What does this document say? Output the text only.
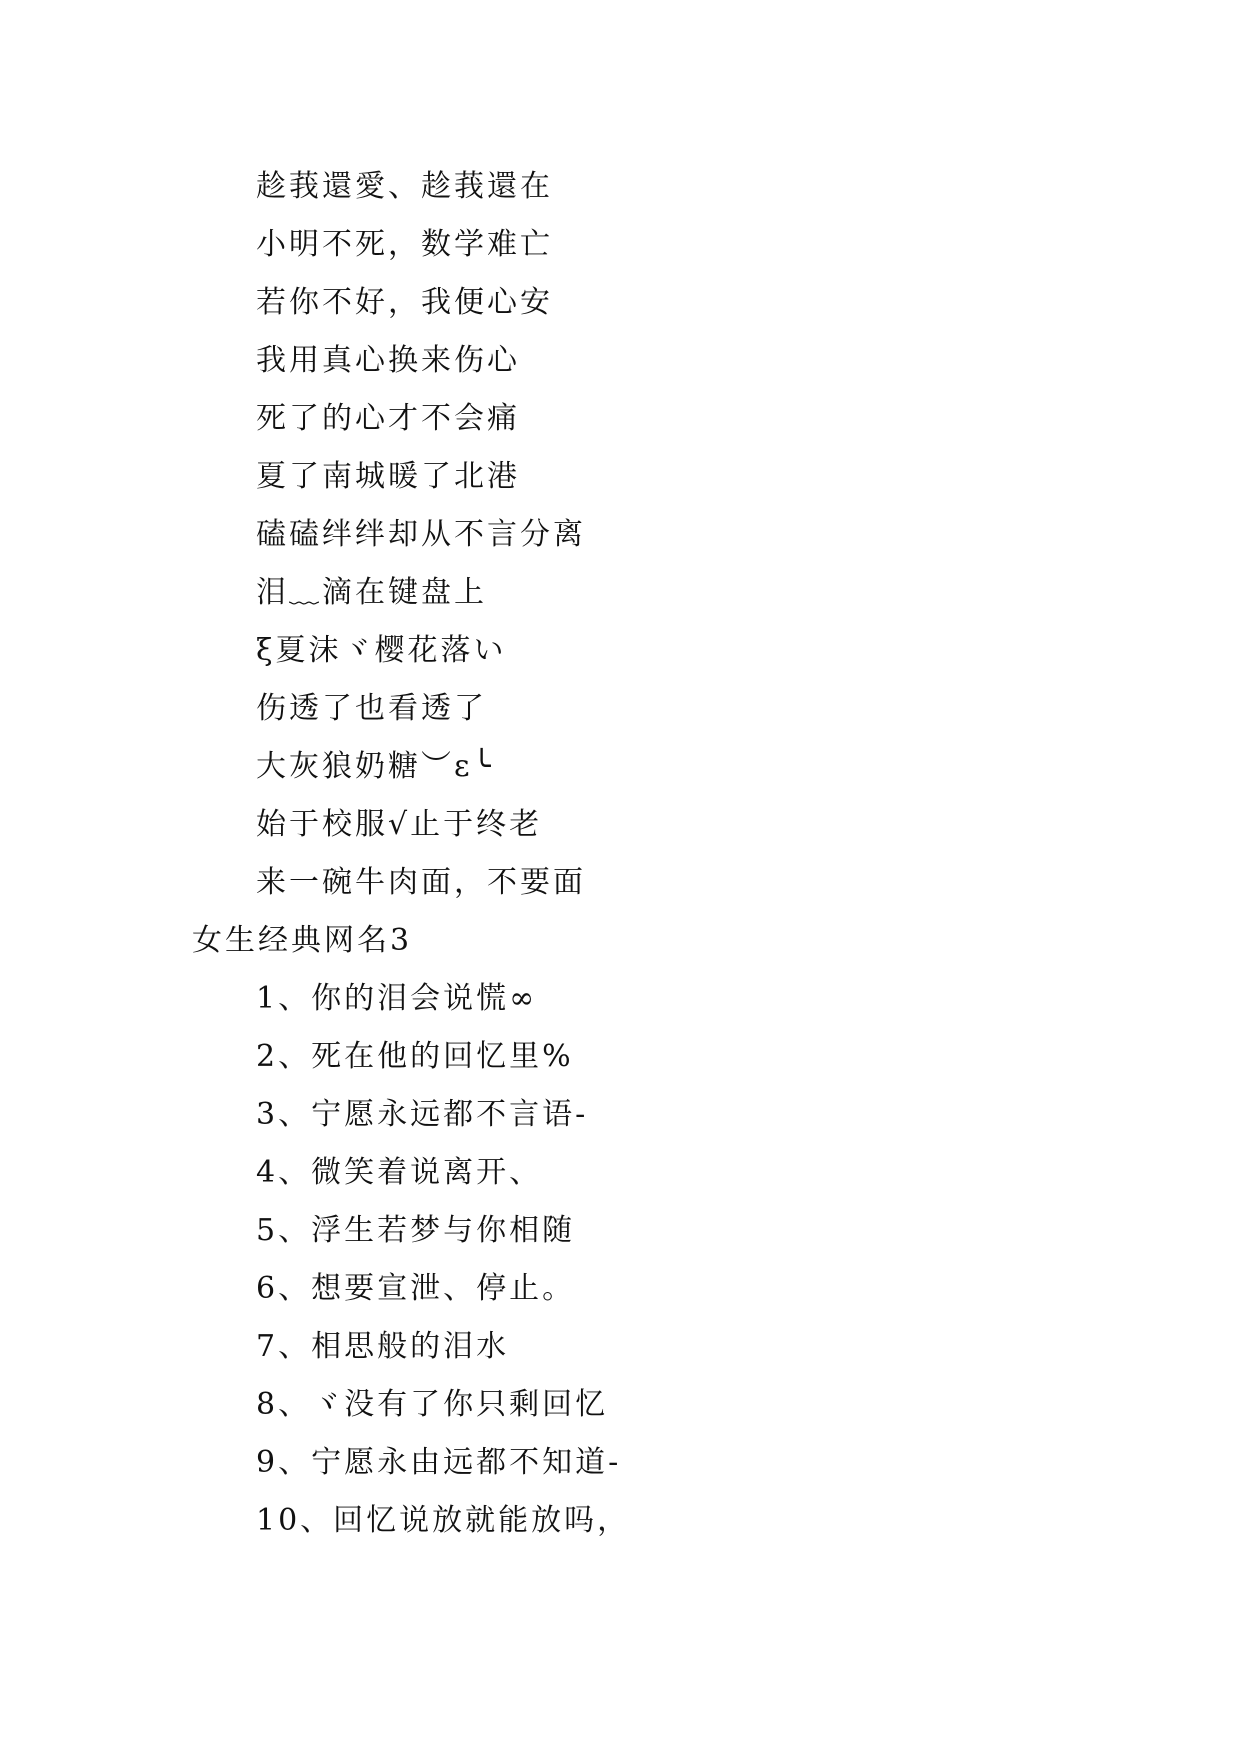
趁莪還愛、趁莪還在
小明不死，数学难亡
若你不好，我便心安
我用真心换来伤心
死了的心才不会痛
夏了南城暖了北港
磕磕绊绊却从不言分离
泪﹏滴在键盘上
ξ夏沫ヾ樱花落い
伤透了也看透了
大灰狼奶糖︶ε╰
始于校服√止于终老
来一碗牛肉面，不要面
女生经典网名3
1、你的泪会说慌∞
2、死在他的回忆里%
3、宁愿永远都不言语-
4、微笑着说离开、
5、浮生若梦与你相随
6、想要宣泄、停止。
7、相思般的泪水
8、ヾ没有了你只剩回忆
9、宁愿永由远都不知道-
10、回忆说放就能放吗，
